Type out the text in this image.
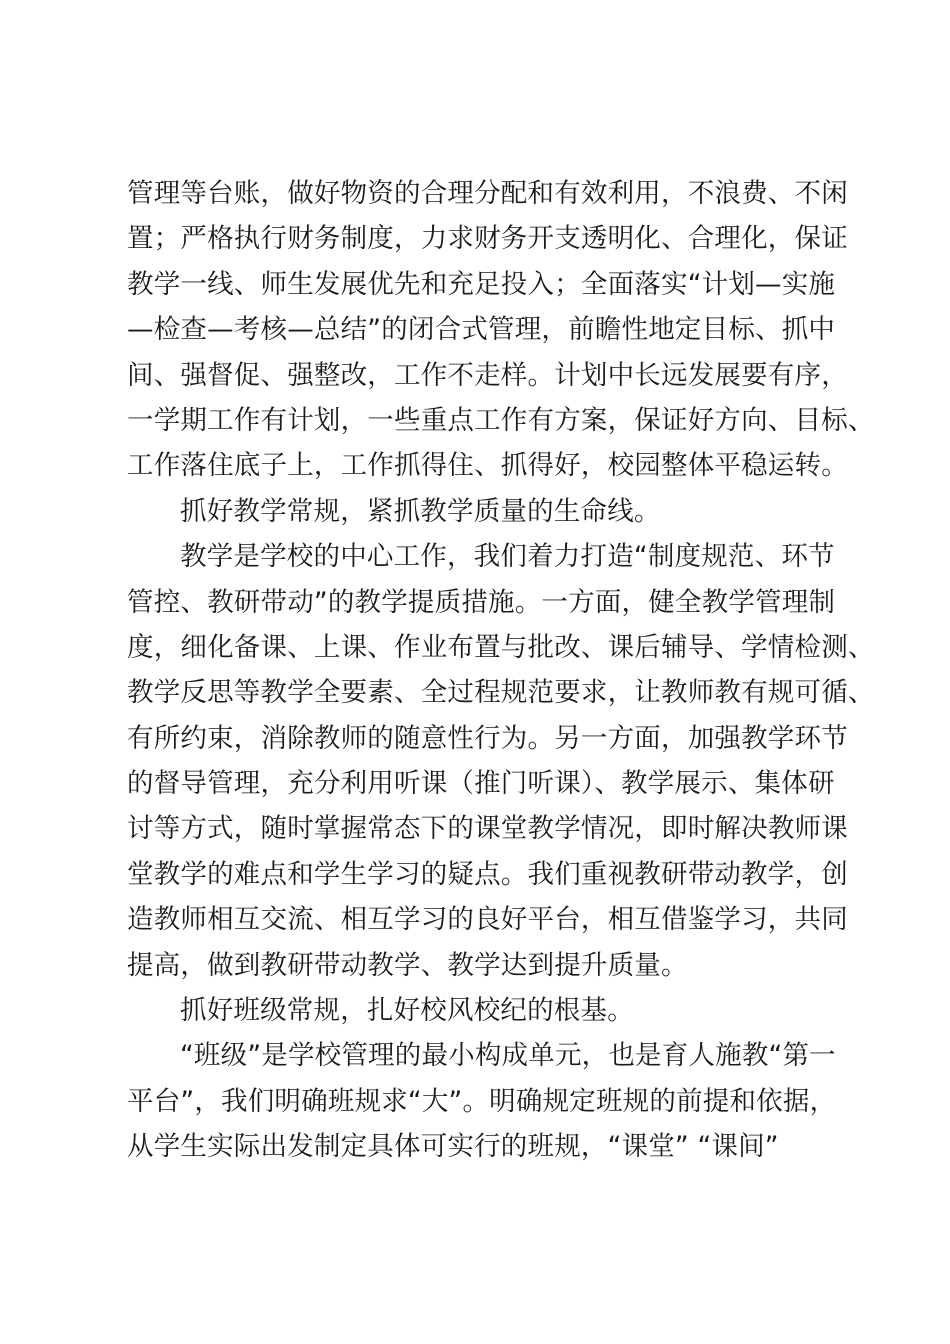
管理等台账，做好物资的合理分配和有效利用，不浪费、不闲
置；严格执行财务制度，力求财务开支透明化、合理化，保证
教学一线、师生发展优先和充足投入；全面落实“计划—实施
—检查—考核—总结”的闭合式管理，前瞻性地定目标、抓中
间、强督促、强整改，工作不走样。计划中长远发展要有序，
一学期工作有计划，一些重点工作有方案，保证好方向、目标、
工作落住底子上，工作抓得住、抓得好，校园整体平稳运转。
抓好教学常规，紧抓教学质量的生命线。
教学是学校的中心工作，我们着力打造“制度规范、环节
管控、教研带动”的教学提质措施。一方面，健全教学管理制
度，细化备课、上课、作业布置与批改、课后辅导、学情检测、
教学反思等教学全要素、全过程规范要求，让教师教有规可循、
有所约束，消除教师的随意性行为。另一方面，加强教学环节
的督导管理，充分利用听课（推门听课）、教学展示、集体研
讨等方式，随时掌握常态下的课堂教学情况，即时解决教师课
堂教学的难点和学生学习的疑点。我们重视教研带动教学，创
造教师相互交流、相互学习的良好平台，相互借鉴学习，共同
提高，做到教研带动教学、教学达到提升质量。
抓好班级常规，扎好校风校纪的根基。
“班级”是学校管理的最小构成单元，也是育人施教“第一
平台”，我们明确班规求“大”。明确规定班规的前提和依据，
从学生实际出发制定具体可实行的班规，“课堂” “课间”
